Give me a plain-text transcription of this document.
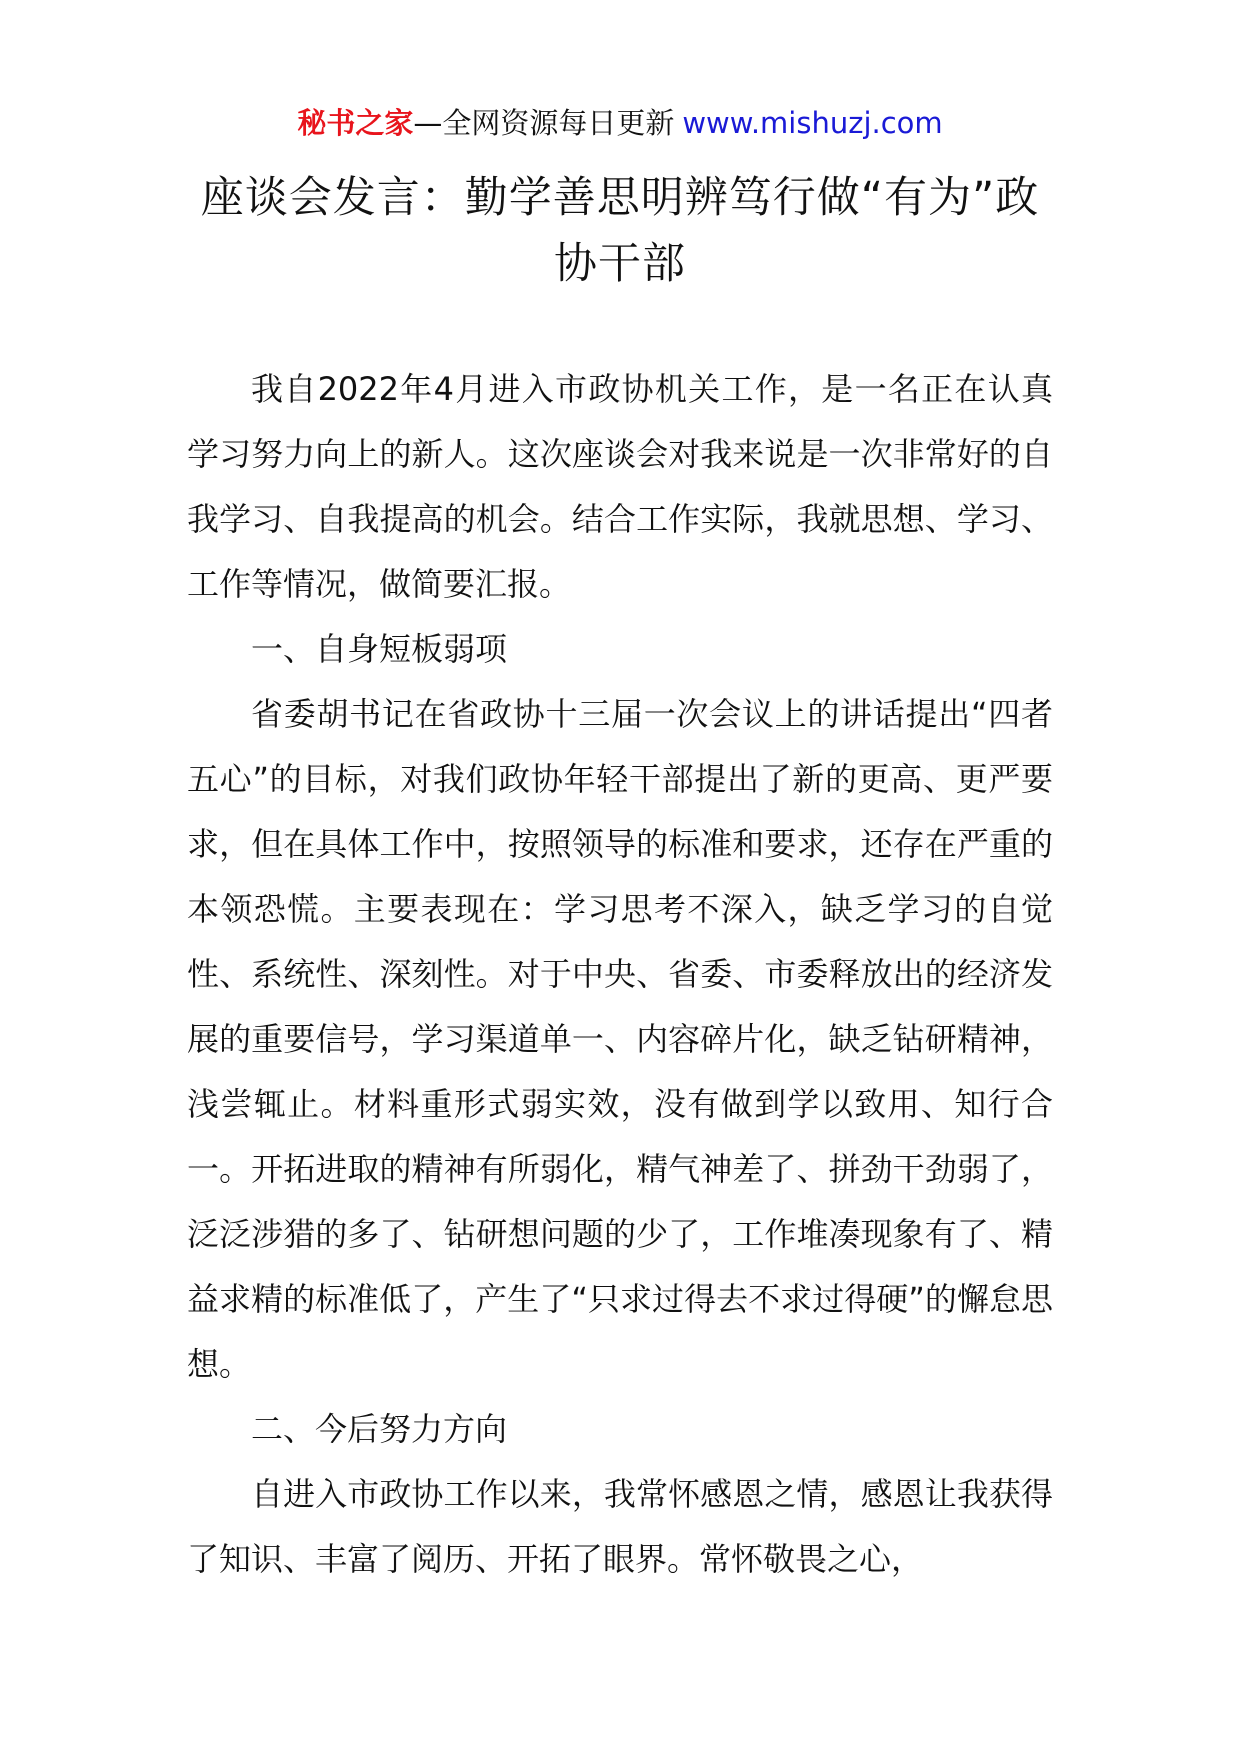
秘书之家—全网资源每日更新 www.mishuzj.com
座谈会发言：勤学善思明辨笃行做“有为”政协干部

我自2022年4月进入市政协机关工作，是一名正在认真学习努力向上的新人。这次座谈会对我来说是一次非常好的自我学习、自我提高的机会。结合工作实际，我就思想、学习、工作等情况，做简要汇报。

一、自身短板弱项

省委胡书记在省政协十三届一次会议上的讲话提出“四者五心”的目标，对我们政协年轻干部提出了新的更高、更严要求，但在具体工作中，按照领导的标准和要求，还存在严重的本领恐慌。主要表现在：学习思考不深入，缺乏学习的自觉性、系统性、深刻性。对于中央、省委、市委释放出的经济发展的重要信号，学习渠道单一、内容碎片化，缺乏钻研精神，浅尝辄止。材料重形式弱实效，没有做到学以致用、知行合一。开拓进取的精神有所弱化，精气神差了、拼劲干劲弱了，泛泛涉猎的多了、钻研想问题的少了，工作堆凑现象有了、精益求精的标准低了，产生了“只求过得去不求过得硬”的懈怠思想。

二、今后努力方向

自进入市政协工作以来，我常怀感恩之情，感恩让我获得了知识、丰富了阅历、开拓了眼界。常怀敬畏之心，
